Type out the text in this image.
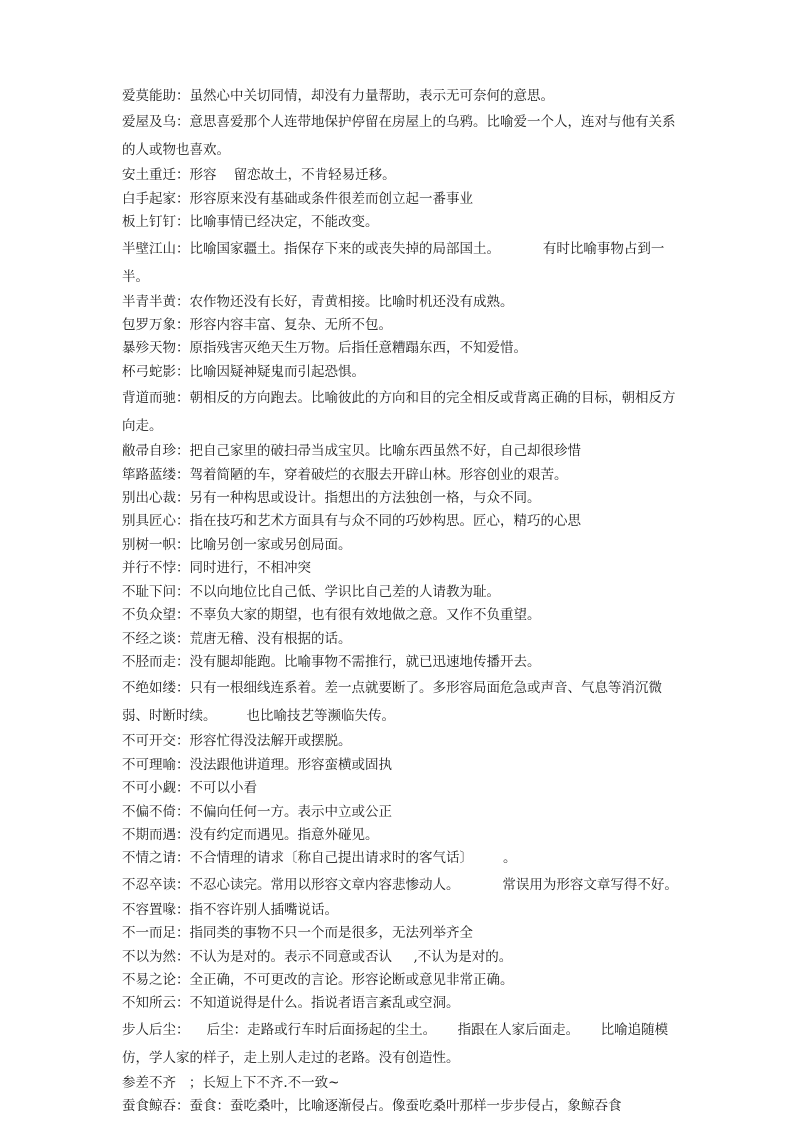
爱莫能助：虽然心中关切同情，却没有力量帮助，表示无可奈何的意思。

爱屋及乌：意思喜爱那个人连带地保护停留在房屋上的乌鸦。比喻爱一个人，连对与他有关系的人或物也喜欢。

安土重迁：形容    留恋故土，不肯轻易迁移。

白手起家：形容原来没有基础或条件很差而创立起一番事业

板上钉钉：比喻事情已经决定，不能改变。

半壁江山：比喻国家疆土。指保存下来的或丧失掉的局部国土。          有时比喻事物占到一半。

半青半黄：农作物还没有长好，青黄相接。比喻时机还没有成熟。

包罗万象：形容内容丰富、复杂、无所不包。

暴殄天物：原指残害灭绝天生万物。后指任意糟蹋东西，不知爱惜。

杯弓蛇影：比喻因疑神疑鬼而引起恐惧。

背道而驰：朝相反的方向跑去。比喻彼此的方向和目的完全相反或背离正确的目标，朝相反方向走。

敝帚自珍：把自己家里的破扫帚当成宝贝。比喻东西虽然不好，自己却很珍惜

筚路蓝缕：驾着简陋的车，穿着破烂的衣服去开辟山林。形容创业的艰苦。

别出心裁：另有一种构思或设计。指想出的方法独创一格，与众不同。

别具匠心：指在技巧和艺术方面具有与众不同的巧妙构思。匠心，精巧的心思

别树一帜：比喻另创一家或另创局面。

并行不悖：同时进行，不相冲突

不耻下问：不以向地位比自己低、学识比自己差的人请教为耻。

不负众望：不辜负大家的期望，也有很有效地做之意。又作不负重望。

不经之谈：荒唐无稽、没有根据的话。

不胫而走：没有腿却能跑。比喻事物不需推行，就已迅速地传播开去。

不绝如缕：只有一根细线连系着。差一点就要断了。多形容局面危急或声音、气息等消沉微弱、时断时续。       也比喻技艺等濒临失传。

不可开交：形容忙得没法解开或摆脱。

不可理喻：没法跟他讲道理。形容蛮横或固执

不可小觑：不可以小看

不偏不倚：不偏向任何一方。表示中立或公正

不期而遇：没有约定而遇见。指意外碰见。

不情之请：不合情理的请求〔称自己提出请求时的客气话〕       。

不忍卒读：不忍心读完。常用以形容文章内容悲惨动人。          常误用为形容文章写得不好。

不容置喙：指不容许别人插嘴说话。

不一而足：指同类的事物不只一个而是很多，无法列举齐全

不以为然：不认为是对的。表示不同意或否认     ,不认为是对的。

不易之论：全正确，不可更改的言论。形容论断或意见非常正确。

不知所云：不知道说得是什么。指说者语言紊乱或空洞。

步人后尘：    后尘：走路或行车时后面扬起的尘土。     指跟在人家后面走。     比喻追随模仿，学人家的样子，走上别人走过的老路。没有创造性。

参差不齐   ；长短上下不齐.不一致~

蚕食鲸吞：蚕食：蚕吃桑叶，比喻逐渐侵占。像蚕吃桑叶那样一步步侵占，象鲸吞食
